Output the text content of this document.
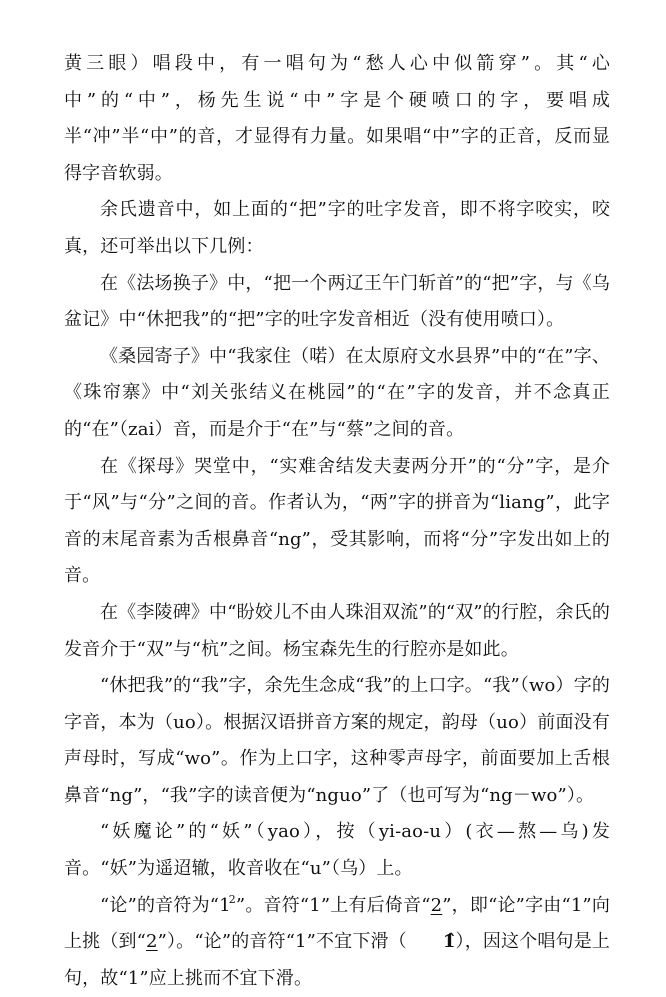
黄三眼）唱段中，有一唱句为“愁人心中似箭穿”。其“心中”的“中”，杨先生说“中”字是个硬喷口的字，要唱成半“冲”半“中”的音，才显得有力量。如果唱“中”字的正音，反而显得字音软弱。

余氏遗音中，如上面的“把”字的吐字发音，即不将字咬实，咬真，还可举出以下几例：

在《法场换子》中，“把一个两辽王午门斩首”的“把”字，与《乌盆记》中“休把我”的“把”字的吐字发音相近（没有使用喷口）。

《桑园寄子》中“我家住（喏）在太原府文水县界”中的“在”字、《珠帘寨》中“刘关张结义在桃园”的“在”字的发音，并不念真正的“在”（zai）音，而是介于“在”与“蔡”之间的音。

在《探母》哭堂中，“实难舍结发夫妻两分开”的“分”字，是介于“风”与“分”之间的音。作者认为，“两”字的拼音为“liang”，此字音的末尾音素为舌根鼻音“ng”，受其影响，而将“分”字发出如上的音。

在《李陵碑》中“盼姣儿不由人珠泪双流”的“双”的行腔，余氏的发音介于“双”与“杭”之间。杨宝森先生的行腔亦是如此。

“休把我”的“我”字，余先生念成“我”的上口字。“我”（wo）字的字音，本为（uo）。根据汉语拼音方案的规定，韵母（uo）前面没有声母时，写成“wo”。作为上口字，这种零声母字，前面要加上舌根鼻音“ng”，“我”字的读音便为“nguo”了（也可写为“ng－wo”）。

“妖魔论”的“妖”（yao），按（yi-ao-u）(衣—熬—乌)发音。“妖”为遥迢辙，收音收在“u”（乌）上。

“论”的音符为“$1^2$”。音符“1”上有后倚音“2”，即“论”字由“1”向上挑（到“2”）。“论”的音符“1”不宜下滑（ 1̂），因这个唱句是上句，故“1”应上挑而不宜下滑。
